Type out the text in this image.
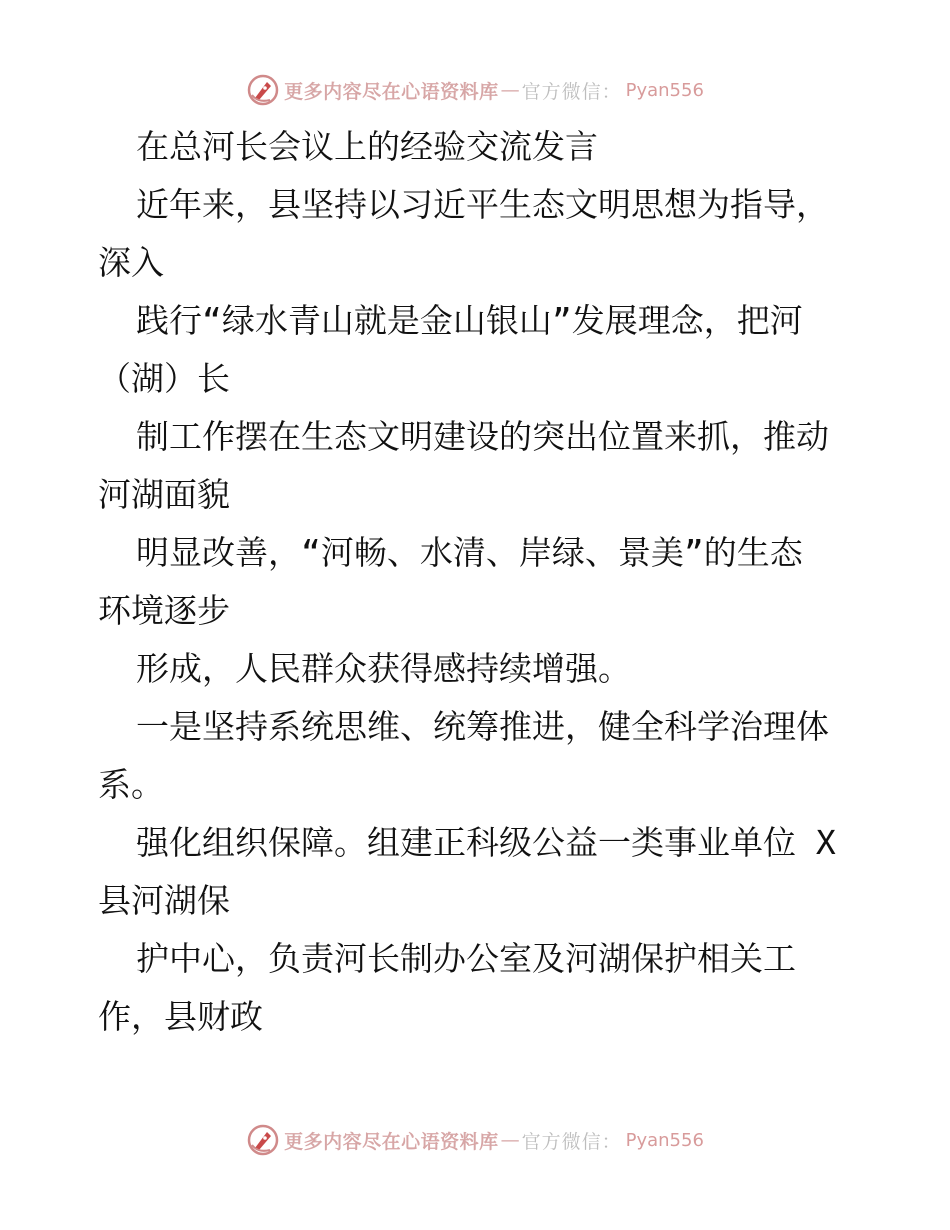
更多内容尽在心语资料库 — 官方微信： Pyan556
在总河长会议上的经验交流发言
近年来，县坚持以习近平生态文明思想为指导，
深入
践行“绿水青山就是金山银山”发展理念，把河
（湖）长
制工作摆在生态文明建设的突出位置来抓，推动
河湖面貌
明显改善，“河畅、水清、岸绿、景美”的生态
环境逐步
形成，人民群众获得感持续增强。
一是坚持系统思维、统筹推进，健全科学治理体
系。
强化组织保障。组建正科级公益一类事业单位 X
县河湖保
护中心，负责河长制办公室及河湖保护相关工
作，县财政
更多内容尽在心语资料库 — 官方微信： Pyan556
